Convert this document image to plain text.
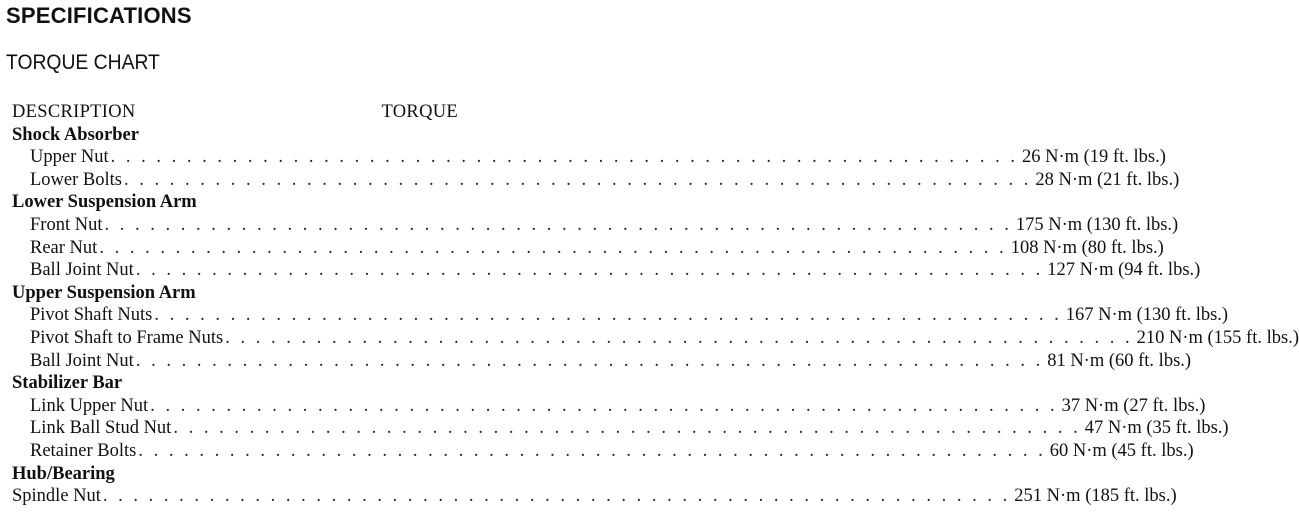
SPECIFICATIONS
TORQUE CHART
DESCRIPTION	TORQUE
Shock Absorber
Upper Nut . . . . . . . . . . . . . . . . . . . . . . . . . . . . . . . . . . . . . . . . . . . . . . . . . . . . . . . . . . . . 26 N·m (19 ft. lbs.)
Lower Bolts . . . . . . . . . . . . . . . . . . . . . . . . . . . . . . . . . . . . . . . . . . . . . . . . . . . . . . . . . . . . 28 N·m (21 ft. lbs.)
Lower Suspension Arm
Front Nut . . . . . . . . . . . . . . . . . . . . . . . . . . . . . . . . . . . . . . . . . . . . . . . . . . . . . . . . . . . . 175 N·m (130 ft. lbs.)
Rear Nut . . . . . . . . . . . . . . . . . . . . . . . . . . . . . . . . . . . . . . . . . . . . . . . . . . . . . . . . . . . . 108 N·m (80 ft. lbs.)
Ball Joint Nut . . . . . . . . . . . . . . . . . . . . . . . . . . . . . . . . . . . . . . . . . . . . . . . . . . . . . . . . . . . . 127 N·m (94 ft. lbs.)
Upper Suspension Arm
Pivot Shaft Nuts . . . . . . . . . . . . . . . . . . . . . . . . . . . . . . . . . . . . . . . . . . . . . . . . . . . . . . . . . . . . 167 N·m (130 ft. lbs.)
Pivot Shaft to Frame Nuts . . . . . . . . . . . . . . . . . . . . . . . . . . . . . . . . . . . . . . . . . . . . . . . . . . . . . . . . . . . . 210 N·m (155 ft. lbs.)
Ball Joint Nut . . . . . . . . . . . . . . . . . . . . . . . . . . . . . . . . . . . . . . . . . . . . . . . . . . . . . . . . . . . . 81 N·m (60 ft. lbs.)
Stabilizer Bar
Link Upper Nut . . . . . . . . . . . . . . . . . . . . . . . . . . . . . . . . . . . . . . . . . . . . . . . . . . . . . . . . . . . . 37 N·m (27 ft. lbs.)
Link Ball Stud Nut . . . . . . . . . . . . . . . . . . . . . . . . . . . . . . . . . . . . . . . . . . . . . . . . . . . . . . . . . . . . 47 N·m (35 ft. lbs.)
Retainer Bolts . . . . . . . . . . . . . . . . . . . . . . . . . . . . . . . . . . . . . . . . . . . . . . . . . . . . . . . . . . . . 60 N·m (45 ft. lbs.)
Hub/Bearing
Spindle Nut . . . . . . . . . . . . . . . . . . . . . . . . . . . . . . . . . . . . . . . . . . . . . . . . . . . . . . . . . . . . 251 N·m (185 ft. lbs.)
